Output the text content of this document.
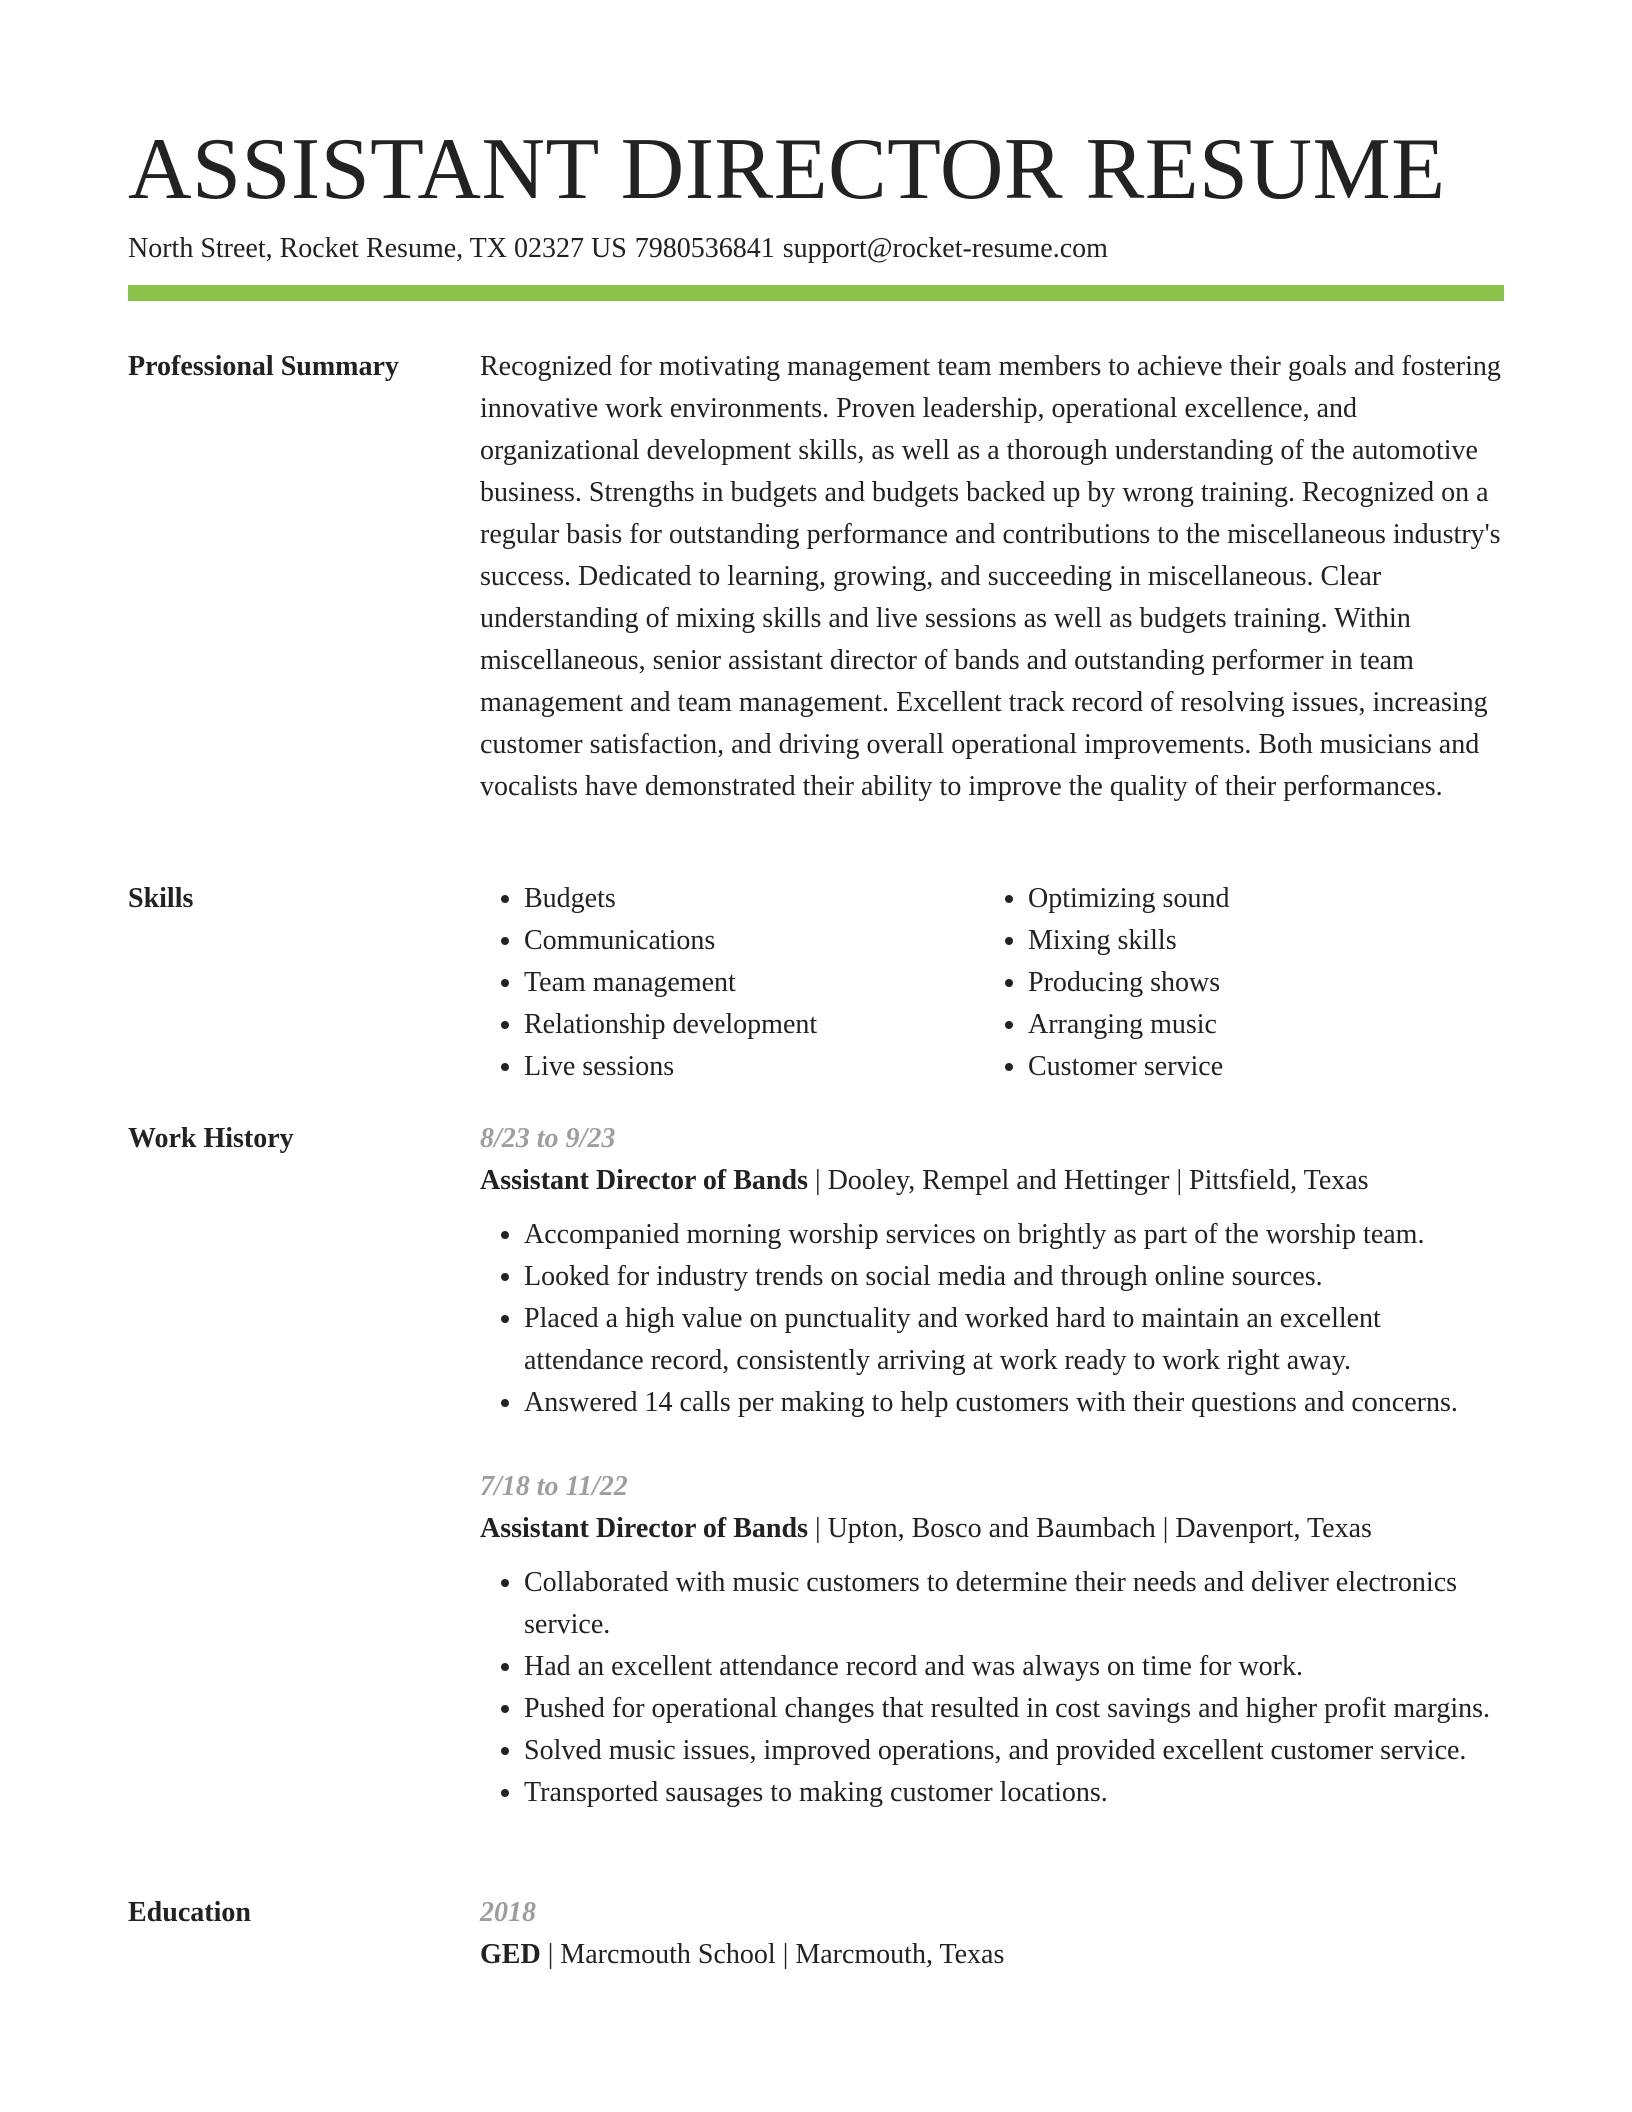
ASSISTANT DIRECTOR RESUME
North Street, Rocket Resume, TX 02327 US 7980536841 support@rocket-resume.com
Professional Summary	Recognized for motivating management team members to achieve their goals and fostering innovative work environments. Proven leadership, operational excellence, and organizational development skills, as well as a thorough understanding of the automotive business. Strengths in budgets and budgets backed up by wrong training. Recognized on a regular basis for outstanding performance and contributions to the miscellaneous industry's success. Dedicated to learning, growing, and succeeding in miscellaneous. Clear understanding of mixing skills and live sessions as well as budgets training. Within miscellaneous, senior assistant director of bands and outstanding performer in team management and team management. Excellent track record of resolving issues, increasing customer satisfaction, and driving overall operational improvements. Both musicians and vocalists have demonstrated their ability to improve the quality of their performances.

Skills
•	Budgets
• Communications
• Team management
• Relationship development
• Live sessions
• Optimizing sound
• Mixing skills
• Producing shows
• Arranging music
• Customer service
Work History	8/23 to 9/23
Assistant Director of Bands | Dooley, Rempel and Hettinger | Pittsfield, Texas
• Accompanied morning worship services on brightly as part of the worship team.
• Looked for industry trends on social media and through online sources.
• Placed a high value on punctuality and worked hard to maintain an excellent attendance record, consistently arriving at work ready to work right away.
• Answered 14 calls per making to help customers with their questions and concerns.
7/18 to 11/22
Assistant Director of Bands | Upton, Bosco and Baumbach | Davenport, Texas
• Collaborated with music customers to determine their needs and deliver electronics service.
• Had an excellent attendance record and was always on time for work.
• Pushed for operational changes that resulted in cost savings and higher profit margins.
• Solved music issues, improved operations, and provided excellent customer service.
• Transported sausages to making customer locations.
Education	2018
GED | Marcmouth School | Marcmouth, Texas
